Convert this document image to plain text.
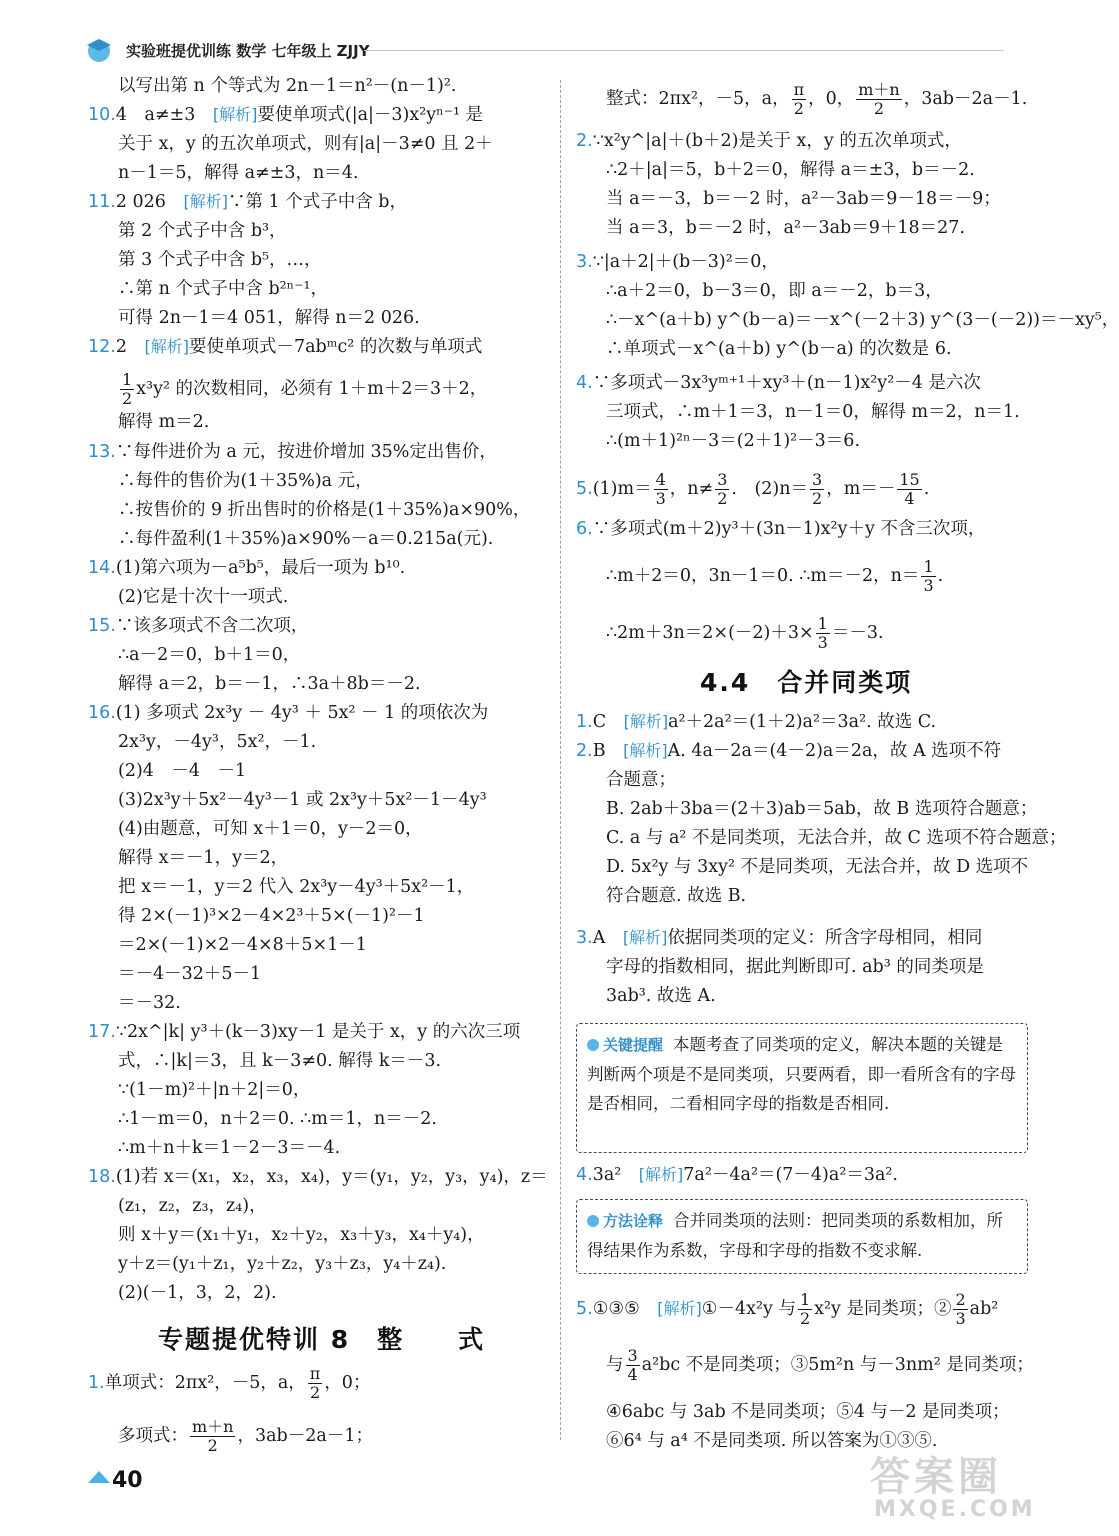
实验班提优训练 数学 七年级上 ZJJY
以写出第 n 个等式为 2n－1＝n²－(n－1)².
10.4　a≠±3　[解析]要使单项式(|a|－3)x²yⁿ⁻¹ 是
关于 x，y 的五次单项式，则有|a|－3≠0 且 2＋
n－1＝5，解得 a≠±3，n＝4.
11.2 026　[解析]∵第 1 个式子中含 b，
第 2 个式子中含 b³，
第 3 个式子中含 b⁵，…，
∴第 n 个式子中含 b²ⁿ⁻¹，
可得 2n－1＝4 051，解得 n＝2 026.
12.2　[解析]要使单项式－7abᵐc² 的次数与单项式
$\frac{1}{2} x^3y^2$ 的次数相同，必须有 1＋m＋2＝3＋2，
解得 m＝2.
13.∵每件进价为 a 元，按进价增加 35%定出售价，
∴每件的售价为(1＋35%)a 元，
∴按售价的 9 折出售时的价格是(1＋35%)a×90%，
∴每件盈利(1＋35%)a×90%－a＝0.215a(元).
14.(1)第六项为－a⁵b⁵，最后一项为 b¹⁰.
(2)它是十次十一项式.
15.∵该多项式不含二次项，
∴a－2＝0，b＋1＝0，
解得 a＝2，b＝－1，∴3a＋8b＝－2.
16.(1) 多项式 2x³y － 4y³ ＋ 5x² － 1 的项依次为
2x³y，－4y³，5x²，－1.
(2)4　－4　－1
(3)2x³y＋5x²－4y³－1 或 2x³y＋5x²－1－4y³
(4)由题意，可知 x＋1＝0，y－2＝0，
解得 x＝－1，y＝2，
把 x＝－1，y＝2 代入 2x³y－4y³＋5x²－1，
得 2×(－1)³×2－4×2³＋5×(－1)²－1
＝2×(－1)×2－4×8＋5×1－1
＝－4－32＋5－1
＝－32.
17.∵2x^|k| y³＋(k－3)xy－1 是关于 x，y 的六次三项
式，∴|k|＝3，且 k－3≠0. 解得 k＝－3.
∵(1－m)²＋|n＋2|＝0，
∴1－m＝0，n＋2＝0. ∴m＝1，n＝－2.
∴m＋n＋k＝1－2－3＝－4.
18.(1)若 x＝(x₁，x₂，x₃，x₄)，y＝(y₁，y₂，y₃，y₄)，z＝
(z₁，z₂，z₃，z₄)，
则 x＋y＝(x₁＋y₁，x₂＋y₂，x₃＋y₃，x₄＋y₄)，
y＋z＝(y₁＋z₁，y₂＋z₂，y₃＋z₃，y₄＋z₄).
(2)(－1，3，2，2).
专题提优特训 8　整　　式
1.单项式：2πx²，－5，a， $\frac{\pi}{2}$ ，0；
多项式： $\frac{m+n}{2}$ ，3ab－2a－1；
整式：2πx²，－5，a， $\frac{\pi}{2}$ ，0， $\frac{m+n}{2}$ ，3ab－2a－1.
2.∵x²y^|a|＋(b＋2)是关于 x，y 的五次单项式，
∴2＋|a|＝5，b＋2＝0，解得 a＝±3，b＝－2.
当 a＝－3，b＝－2 时，a²－3ab＝9－18＝－9；
当 a＝3，b＝－2 时，a²－3ab＝9＋18＝27.
3.∵|a＋2|＋(b－3)²＝0，
∴a＋2＝0，b－3＝0，即 a＝－2，b＝3，
∴－x^(a＋b) y^(b－a)＝－x^(－2＋3) y^(3－(－2))＝－xy⁵，
∴单项式－x^(a＋b) y^(b－a) 的次数是 6.
4.∵多项式－3x³yᵐ⁺¹＋xy³＋(n－1)x²y²－4 是六次
三项式，∴m＋1＝3，n－1＝0，解得 m＝2，n＝1.
∴(m＋1)²ⁿ－3＝(2＋1)²－3＝6.
$5.(1)m= \frac{4}{3}$ ，$n\ne \frac{3}{2}$ .　$(2)n= \frac{3}{2}$ ，$m=- \frac{15}{4}$ .
6.∵多项式(m＋2)y³＋(3n－1)x²y＋y 不含三次项，
∴m＋2＝0，3n－1＝0. ∴m＝－2，$n= \frac{1}{3}$ .
∴2m＋3n＝2×(－2)＋3× $\frac{1}{3} =-3$.
4.4　合并同类项
1.C　[解析]a²＋2a²＝(1＋2)a²＝3a². 故选 C.
2.B　[解析]A. 4a－2a＝(4－2)a＝2a，故 A 选项不符
合题意；
B. 2ab＋3ba＝(2＋3)ab＝5ab，故 B 选项符合题意；
C. a 与 a² 不是同类项，无法合并，故 C 选项不符合题意；
D. 5x²y 与 3xy² 不是同类项，无法合并，故 D 选项不
符合题意. 故选 B.
3.A　[解析]依据同类项的定义：所含字母相同，相同
字母的指数相同，据此判断即可. ab³ 的同类项是
3ab³. 故选 A.
关键提醒 本题考查了同类项的定义，解决本题的关键是判断两个项是不是同类项，只要两看，即一看所含有的字母是否相同，二看相同字母的指数是否相同.
4.3a²　[解析]7a²－4a²＝(7－4)a²＝3a².
方法诠释 合并同类项的法则：把同类项的系数相加，所得结果作为系数，字母和字母的指数不变求解.
5.①③⑤　[解析]①－4x²y 与 $\frac{1}{2} x^2y$ 是同类项；② $\frac{2}{3} ab^2$
与 $\frac{3}{4} a^2bc$ 不是同类项；③5m²n 与－3nm² 是同类项；
④6abc 与 3ab 不是同类项；⑤4 与－2 是同类项；
⑥6⁴ 与 a⁴ 不是同类项. 所以答案为①③⑤.
40	答案圈
MXQE.COM
